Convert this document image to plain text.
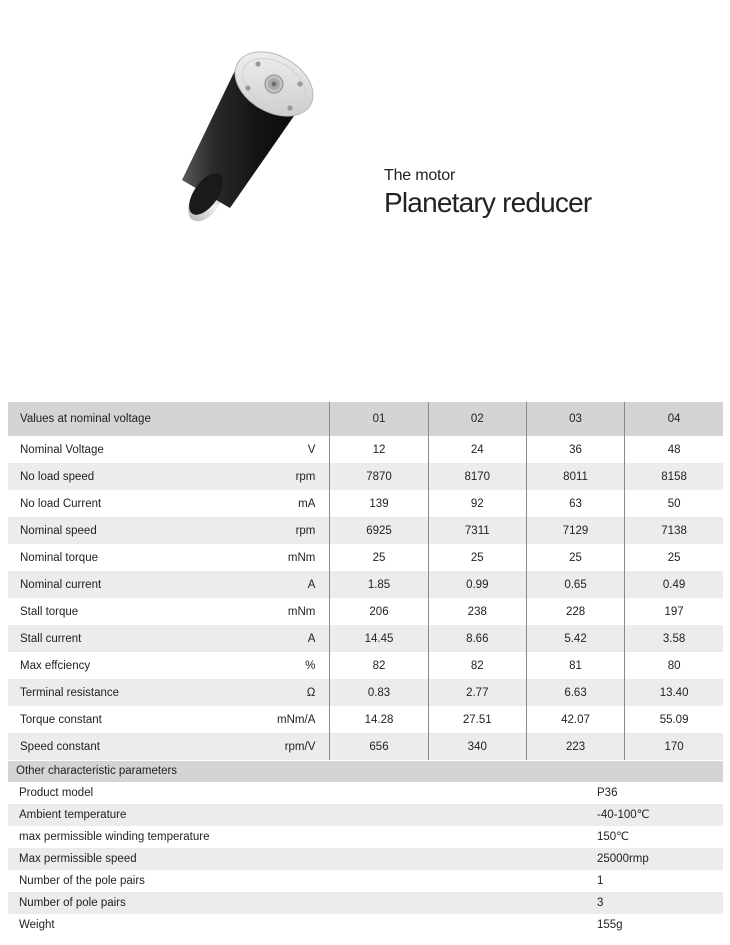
The motor
Planetary reducer
Values at nominal voltage		01	02	03	04
Nominal Voltage	V	12	24	36	48
No load speed	rpm	7870	8170	8011	8158
No load Current	mA	139	92	63	50
Nominal speed	rpm	6925	7311	7129	7138
Nominal torque	mNm	25	25	25	25
Nominal current	A	1.85	0.99	0.65	0.49
Stall torque	mNm	206	238	228	197
Stall current	A	14.45	8.66	5.42	3.58
Max effciency	%	82	82	81	80
Terminal resistance	Ω	0.83	2.77	6.63	13.40
Torque constant	mNm/A	14.28	27.51	42.07	55.09
Speed constant	rpm/V	656	340	223	170
Other characteristic parameters
Product model	P36
Ambient temperature	-40-100℃
max permissible winding temperature	150℃
Max permissible speed	25000rmp
Number of the pole pairs	1
Number of pole pairs	3
Weight	155g
